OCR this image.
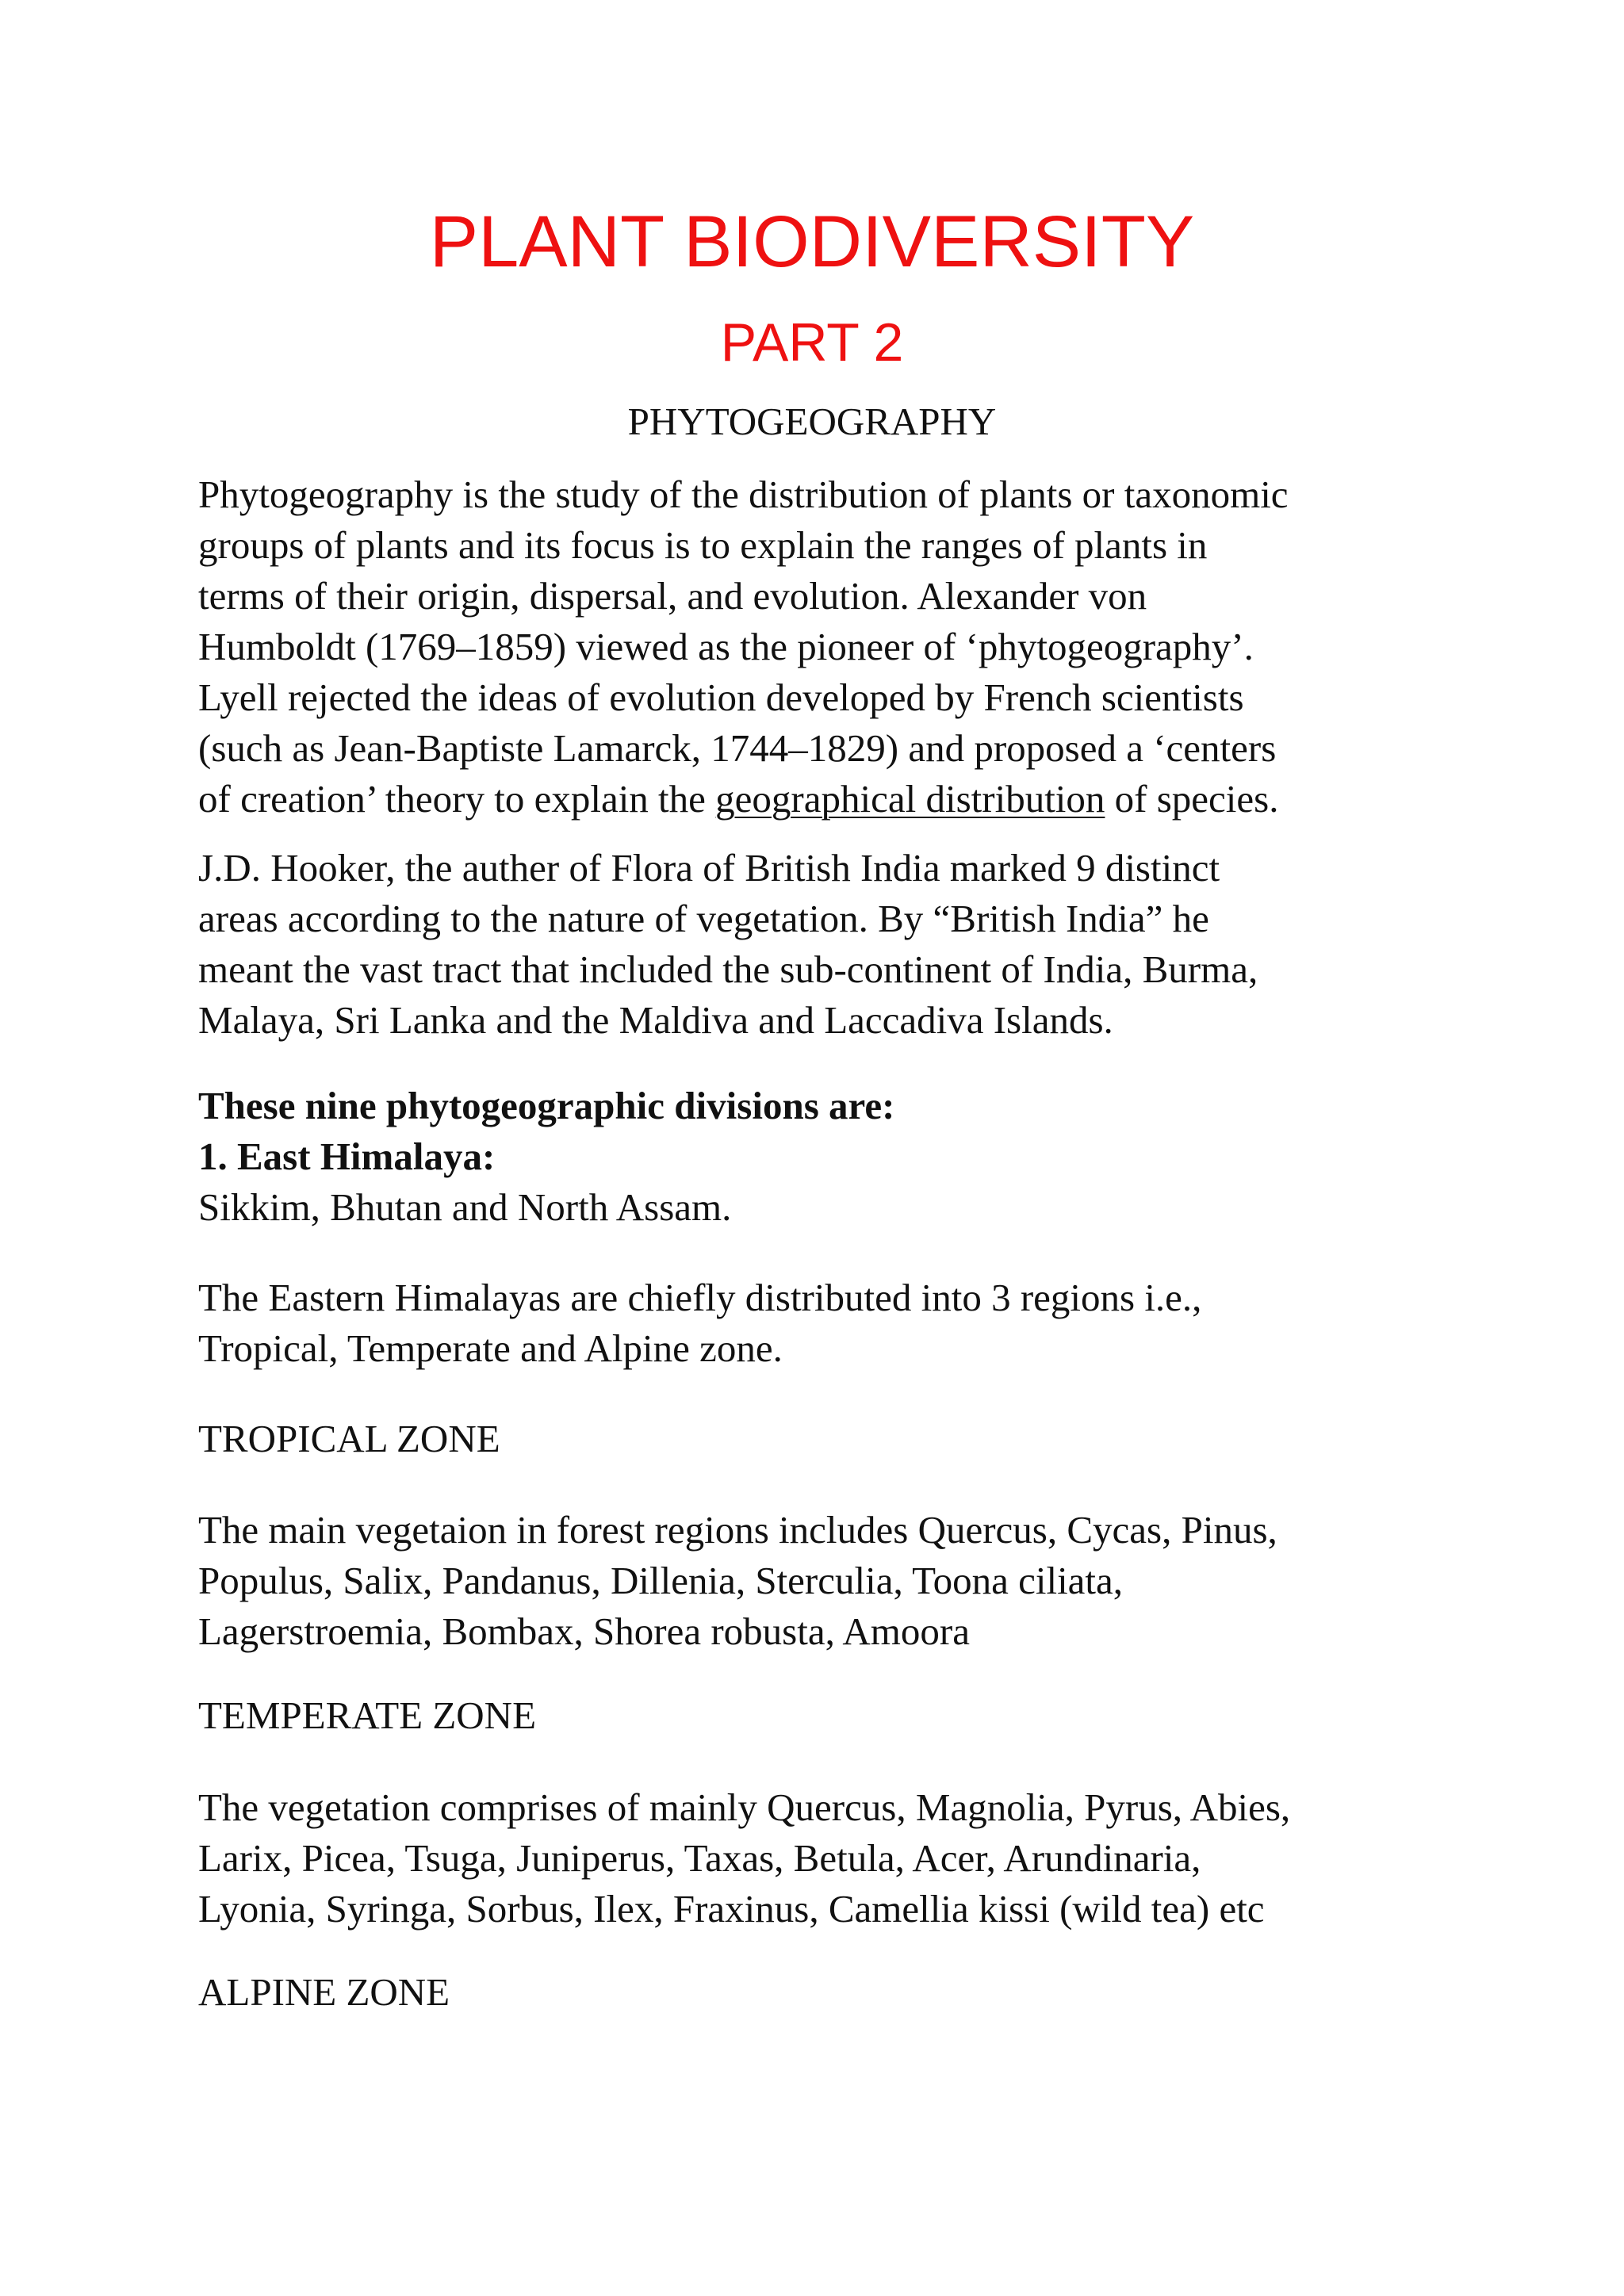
PLANT BIODIVERSITY
PART 2
PHYTOGEOGRAPHY
Phytogeography is the study of the distribution of plants or taxonomic
groups of plants and its focus is to explain the ranges of plants in
terms of their origin, dispersal, and evolution. Alexander von
Humboldt (1769–1859) viewed as the pioneer of ‘phytogeography’.
Lyell rejected the ideas of evolution developed by French scientists
(such as Jean-Baptiste Lamarck, 1744–1829) and proposed a ‘centers
of creation’ theory to explain the geographical distribution of species.
J.D. Hooker, the auther of Flora of British India marked 9 distinct
areas according to the nature of vegetation. By “British India” he
meant the vast tract that included the sub-continent of India, Burma,
Malaya, Sri Lanka and the Maldiva and Laccadiva Islands.
These nine phytogeographic divisions are:
1. East Himalaya:
Sikkim, Bhutan and North Assam.
The Eastern Himalayas are chiefly distributed into 3 regions i.e.,
Tropical, Temperate and Alpine zone.
TROPICAL ZONE
The main vegetaion in forest regions includes Quercus, Cycas, Pinus,
Populus, Salix, Pandanus, Dillenia, Sterculia, Toona ciliata,
Lagerstroemia, Bombax, Shorea robusta, Amoora
TEMPERATE ZONE
The vegetation comprises of mainly Quercus, Magnolia, Pyrus, Abies,
Larix, Picea, Tsuga, Juniperus, Taxas, Betula, Acer, Arundinaria,
Lyonia, Syringa, Sorbus, Ilex, Fraxinus, Camellia kissi (wild tea) etc
ALPINE ZONE
